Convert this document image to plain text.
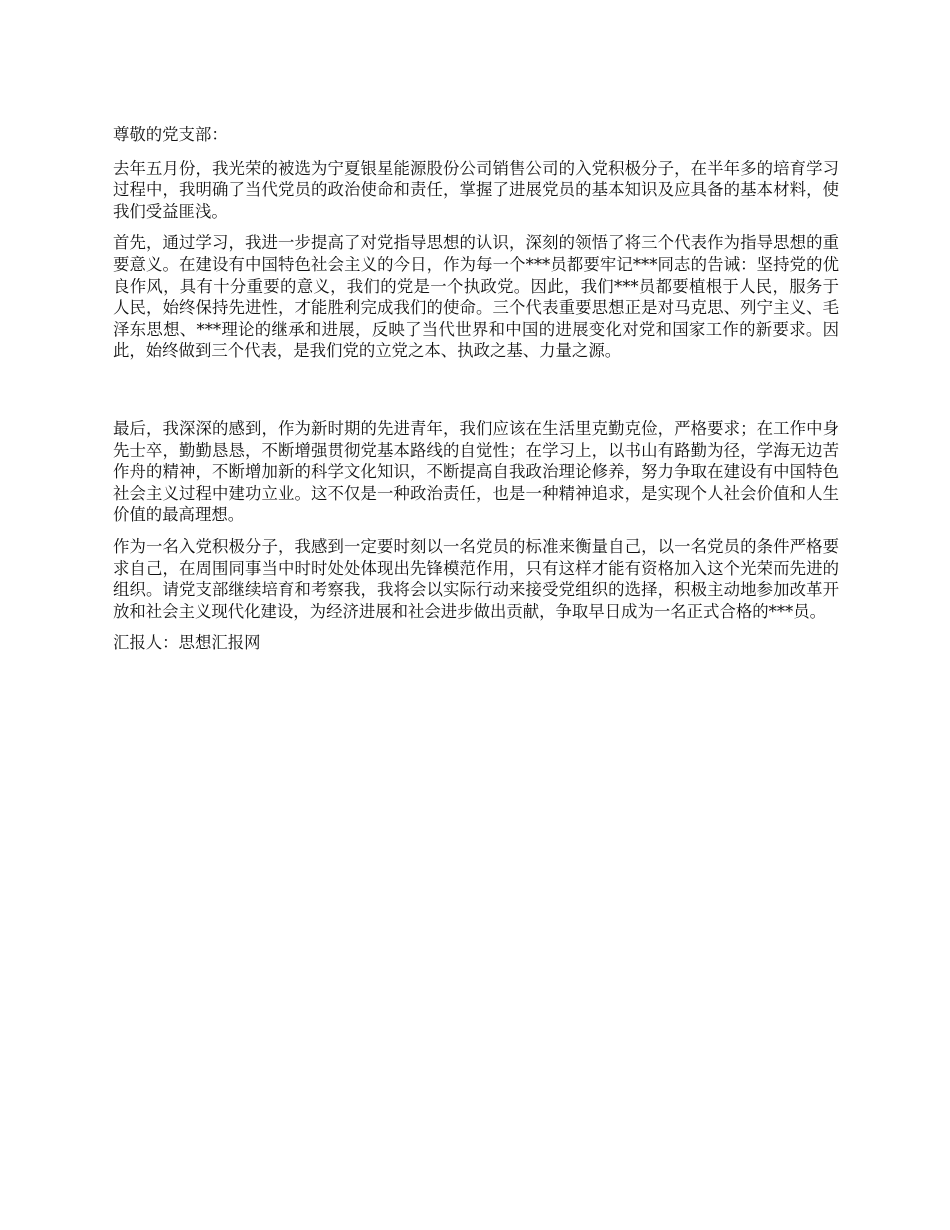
尊敬的党支部：

去年五月份，我光荣的被选为宁夏银星能源股份公司销售公司的入党积极分子，在半年多的培育学习过程中，我明确了当代党员的政治使命和责任，掌握了进展党员的基本知识及应具备的基本材料，使我们受益匪浅。

首先，通过学习，我进一步提高了对党指导思想的认识，深刻的领悟了将三个代表作为指导思想的重要意义。在建设有中国特色社会主义的今日，作为每一个***员都要牢记***同志的告诫：坚持党的优良作风，具有十分重要的意义，我们的党是一个执政党。因此，我们***员都要植根于人民，服务于人民，始终保持先进性，才能胜利完成我们的使命。三个代表重要思想正是对马克思、列宁主义、毛泽东思想、***理论的继承和进展，反映了当代世界和中国的进展变化对党和国家工作的新要求。因此，始终做到三个代表，是我们党的立党之本、执政之基、力量之源。

最后，我深深的感到，作为新时期的先进青年，我们应该在生活里克勤克俭，严格要求；在工作中身先士卒，勤勤恳恳，不断增强贯彻党基本路线的自觉性；在学习上，以书山有路勤为径，学海无边苦作舟的精神，不断增加新的科学文化知识，不断提高自我政治理论修养，努力争取在建设有中国特色社会主义过程中建功立业。这不仅是一种政治责任，也是一种精神追求，是实现个人社会价值和人生价值的最高理想。

作为一名入党积极分子，我感到一定要时刻以一名党员的标准来衡量自己，以一名党员的条件严格要求自己，在周围同事当中时时处处体现出先锋模范作用，只有这样才能有资格加入这个光荣而先进的组织。请党支部继续培育和考察我，我将会以实际行动来接受党组织的选择，积极主动地参加改革开放和社会主义现代化建设，为经济进展和社会进步做出贡献，争取早日成为一名正式合格的***员。

汇报人：思想汇报网
